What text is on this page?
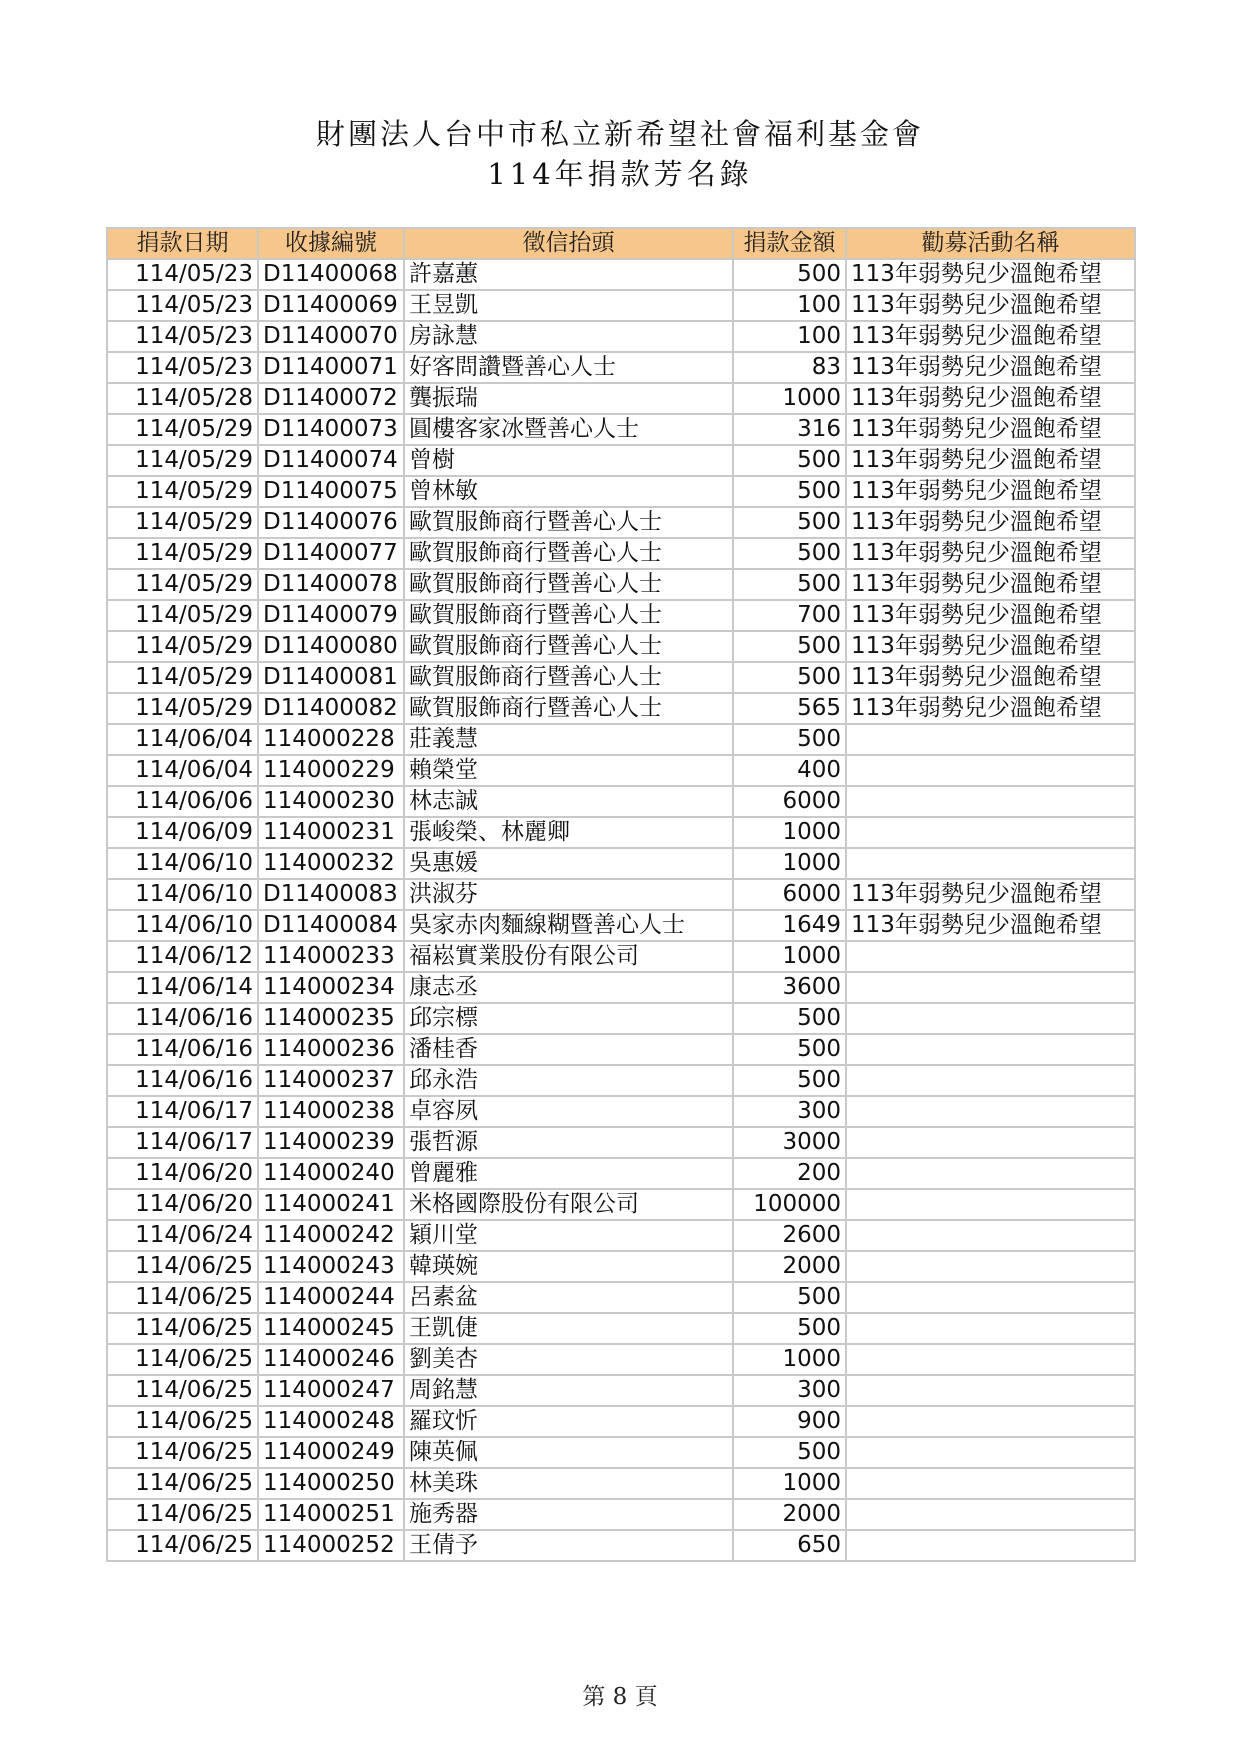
財團法人台中市私立新希望社會福利基金會
114年捐款芳名錄
捐款日期	收據編號	徵信抬頭	捐款金額	勸募活動名稱
114/05/23	D11400068	許嘉蕙	500	113年弱勢兒少溫飽希望
114/05/23	D11400069	王昱凱	100	113年弱勢兒少溫飽希望
114/05/23	D11400070	房詠慧	100	113年弱勢兒少溫飽希望
114/05/23	D11400071	好客問讚暨善心人士	83	113年弱勢兒少溫飽希望
114/05/28	D11400072	龔振瑞	1000	113年弱勢兒少溫飽希望
114/05/29	D11400073	圓樓客家冰暨善心人士	316	113年弱勢兒少溫飽希望
114/05/29	D11400074	曾樹	500	113年弱勢兒少溫飽希望
114/05/29	D11400075	曾林敏	500	113年弱勢兒少溫飽希望
114/05/29	D11400076	歐賀服飾商行暨善心人士	500	113年弱勢兒少溫飽希望
114/05/29	D11400077	歐賀服飾商行暨善心人士	500	113年弱勢兒少溫飽希望
114/05/29	D11400078	歐賀服飾商行暨善心人士	500	113年弱勢兒少溫飽希望
114/05/29	D11400079	歐賀服飾商行暨善心人士	700	113年弱勢兒少溫飽希望
114/05/29	D11400080	歐賀服飾商行暨善心人士	500	113年弱勢兒少溫飽希望
114/05/29	D11400081	歐賀服飾商行暨善心人士	500	113年弱勢兒少溫飽希望
114/05/29	D11400082	歐賀服飾商行暨善心人士	565	113年弱勢兒少溫飽希望
114/06/04	114000228	莊義慧	500	
114/06/04	114000229	賴榮堂	400	
114/06/06	114000230	林志誠	6000	
114/06/09	114000231	張峻榮、林麗卿	1000	
114/06/10	114000232	吳惠媛	1000	
114/06/10	D11400083	洪淑芬	6000	113年弱勢兒少溫飽希望
114/06/10	D11400084	吳家赤肉麵線糊暨善心人士	1649	113年弱勢兒少溫飽希望
114/06/12	114000233	福崧實業股份有限公司	1000	
114/06/14	114000234	康志丞	3600	
114/06/16	114000235	邱宗標	500	
114/06/16	114000236	潘桂香	500	
114/06/16	114000237	邱永浩	500	
114/06/17	114000238	卓容夙	300	
114/06/17	114000239	張哲源	3000	
114/06/20	114000240	曾麗雅	200	
114/06/20	114000241	米格國際股份有限公司	100000	
114/06/24	114000242	穎川堂	2600	
114/06/25	114000243	韓瑛婉	2000	
114/06/25	114000244	呂素盆	500	
114/06/25	114000245	王凱倢	500	
114/06/25	114000246	劉美杏	1000	
114/06/25	114000247	周銘慧	300	
114/06/25	114000248	羅玟忻	900	
114/06/25	114000249	陳英佩	500	
114/06/25	114000250	林美珠	1000	
114/06/25	114000251	施秀器	2000	
114/06/25	114000252	王倩予	650	
第 8 頁
